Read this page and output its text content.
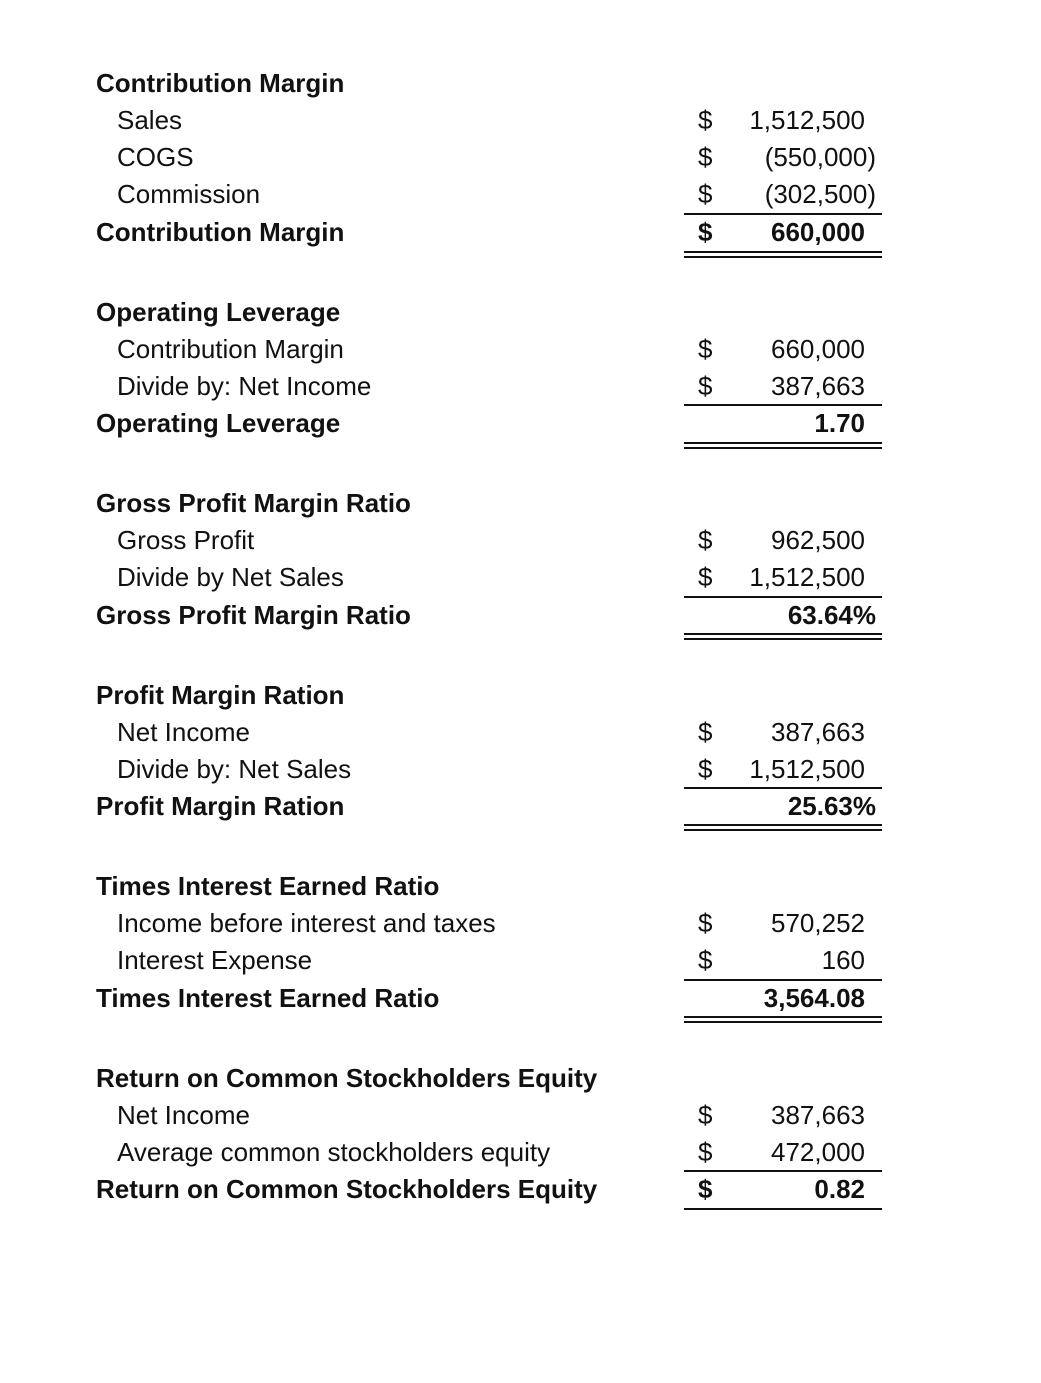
Contribution Margin
Sales	$ 1,512,500
COGS	$ (550,000)
Commission	$ (302,500)
Contribution Margin	$ 660,000
Operating Leverage
Contribution Margin	$ 660,000
Divide by: Net Income	$ 387,663
Operating Leverage	1.70
Gross Profit Margin Ratio
Gross Profit	$ 962,500
Divide by Net Sales	$ 1,512,500
Gross Profit Margin Ratio	63.64%
Profit Margin Ration
Net Income	$ 387,663
Divide by: Net Sales	$ 1,512,500
Profit Margin Ration	25.63%
Times Interest Earned Ratio
Income before interest and taxes	$ 570,252
Interest Expense	$	160
Times Interest Earned Ratio	3,564.08
Return on Common Stockholders Equity
Net Income	$ 387,663
Average common stockholders equity	$ 472,000
Return on Common Stockholders Equity	$	0.82
